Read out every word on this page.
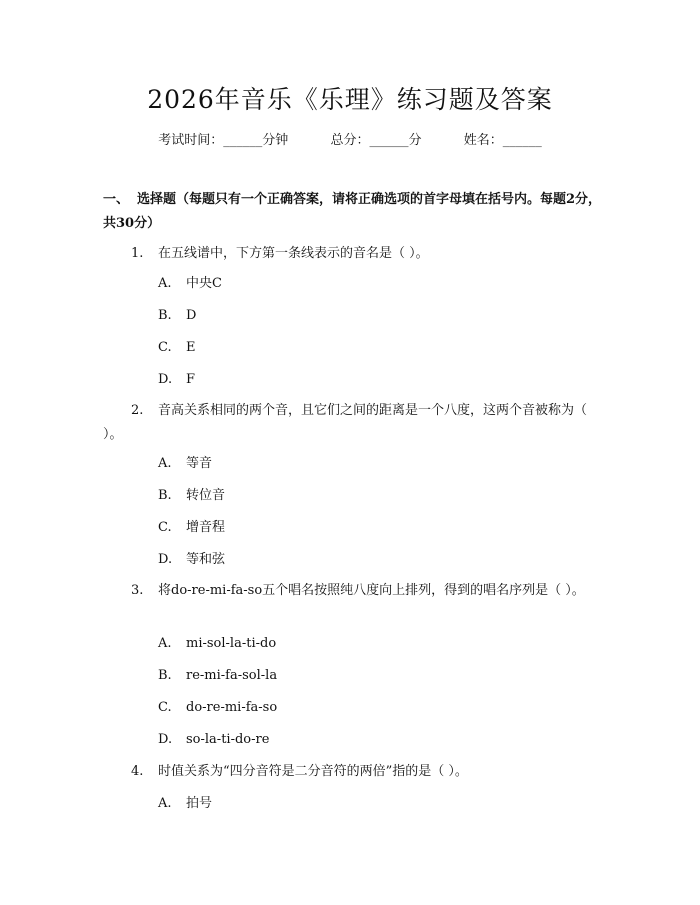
2026年音乐《乐理》练习题及答案
考试时间：______分钟	总分：______分	姓名：______
一、 选择题（每题只有一个正确答案，请将正确选项的首字母填在括号内。每题2分，共30分）
1. 在五线谱中，下方第一条线表示的音名是（ ）。
A. 中央C
B. D
C. E
D. F
2. 音高关系相同的两个音，且它们之间的距离是一个八度，这两个音被称为（ ）。
A. 等音
B. 转位音
C. 增音程
D. 等和弦
3. 将do-re-mi-fa-so五个唱名按照纯八度向上排列，得到的唱名序列是（ ）。
A. mi-sol-la-ti-do
B. re-mi-fa-sol-la
C. do-re-mi-fa-so
D. so-la-ti-do-re
4. 时值关系为“四分音符是二分音符的两倍”指的是（ ）。
A. 拍号
